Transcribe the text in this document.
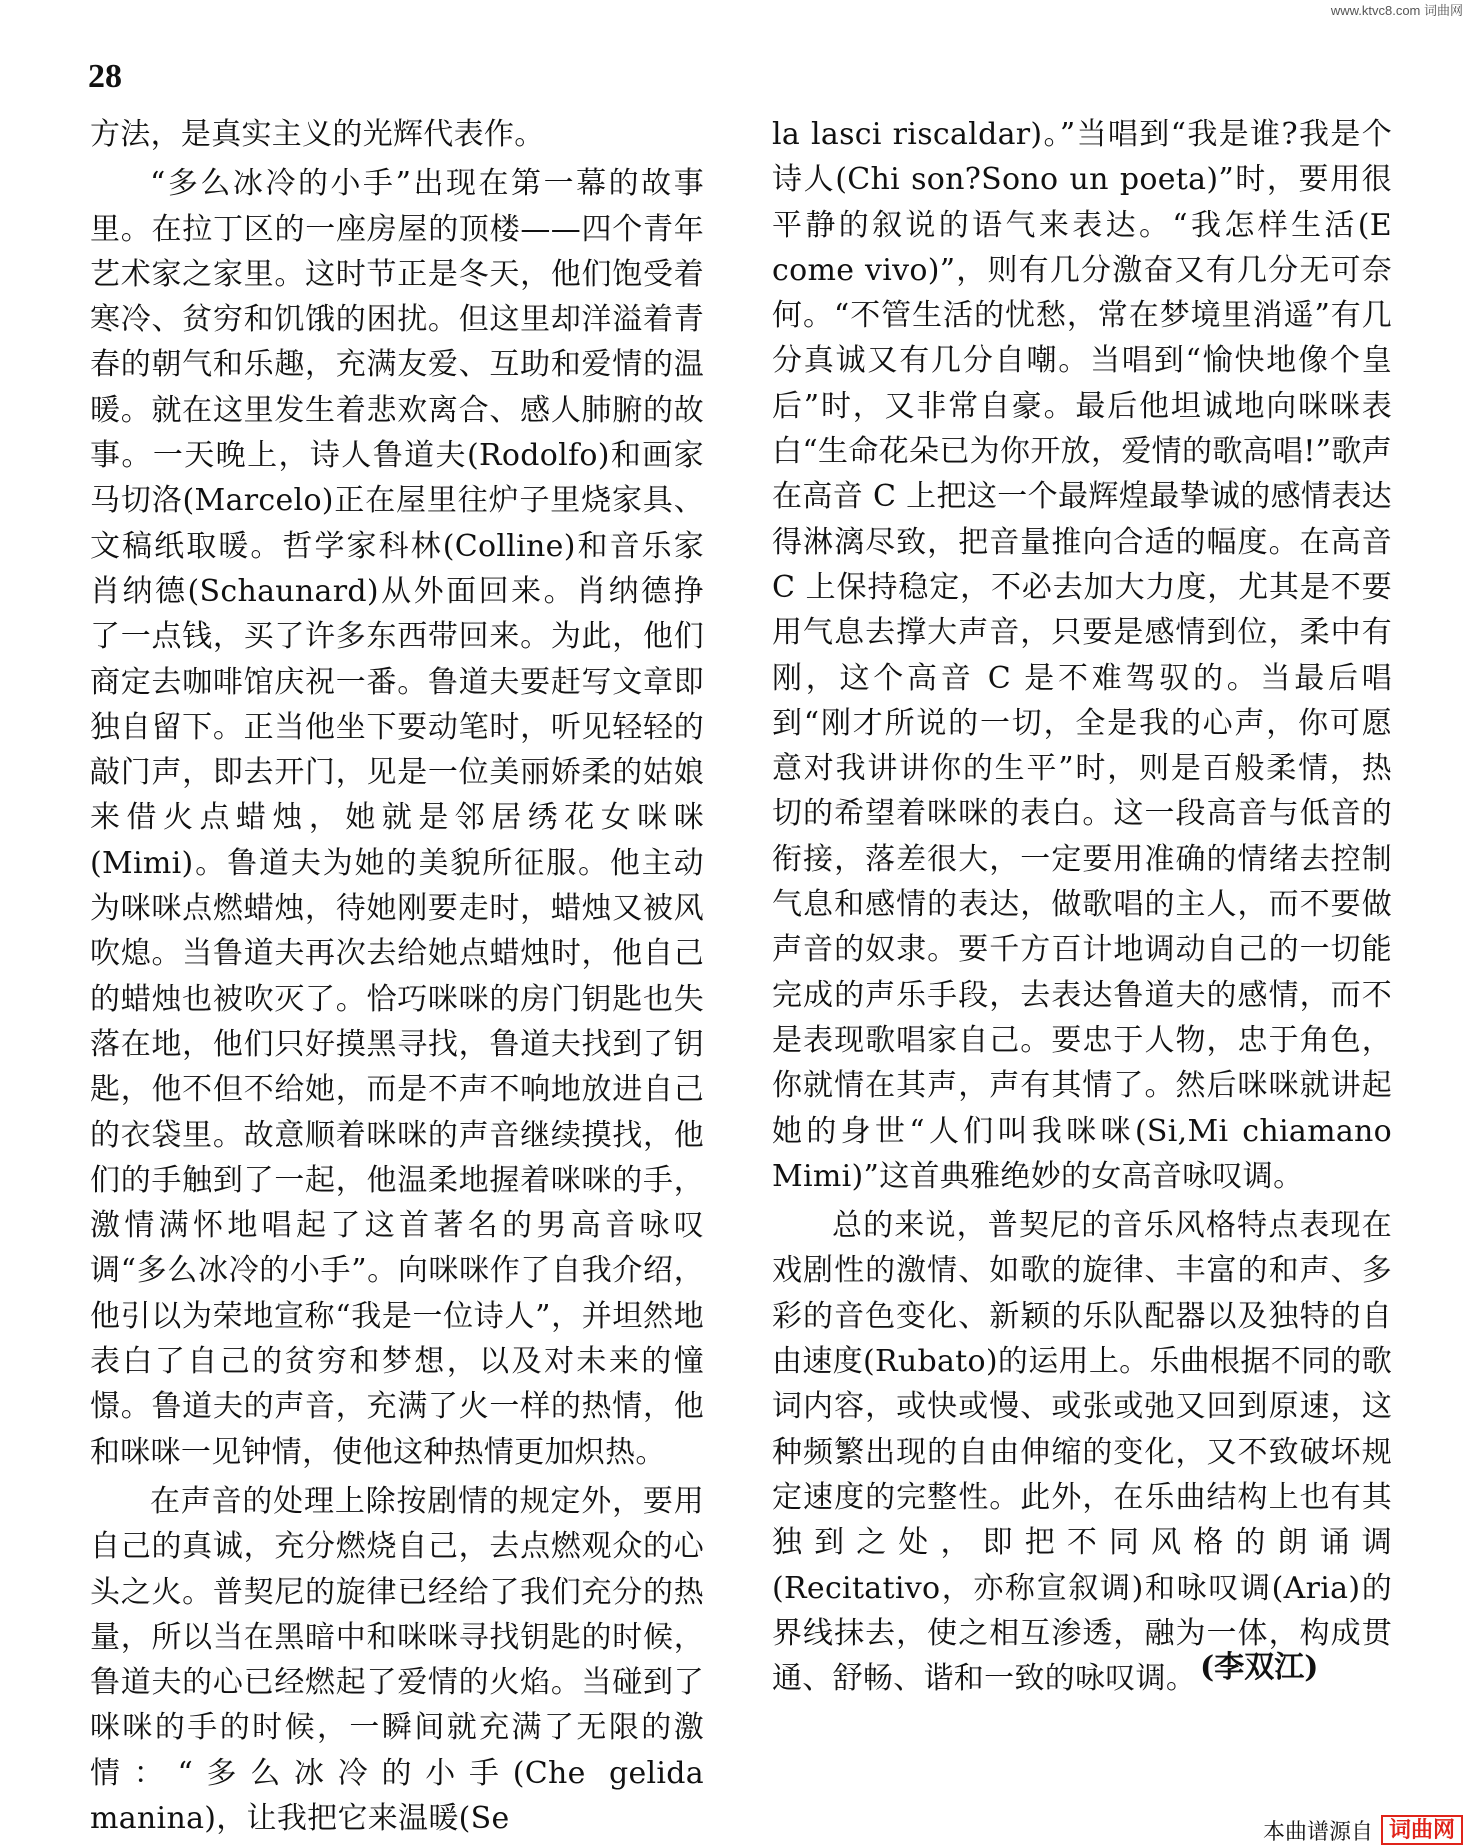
www.ktvc8.com 词曲网
28

方法，是真实主义的光辉代表作。

“多么冰冷的小手”出现在第一幕的故事里。在拉丁区的一座房屋的顶楼——四个青年艺术家之家里。这时节正是冬天，他们饱受着寒冷、贫穷和饥饿的困扰。但这里却洋溢着青春的朝气和乐趣，充满友爱、互助和爱情的温暖。就在这里发生着悲欢离合、感人肺腑的故事。一天晚上，诗人鲁道夫(Rodolfo)和画家马切洛(Marcelo)正在屋里往炉子里烧家具、文稿纸取暖。哲学家科林(Colline)和音乐家肖纳德(Schaunard)从外面回来。肖纳德挣了一点钱，买了许多东西带回来。为此，他们商定去咖啡馆庆祝一番。鲁道夫要赶写文章即独自留下。正当他坐下要动笔时，听见轻轻的敲门声，即去开门，见是一位美丽娇柔的姑娘来借火点蜡烛，她就是邻居绣花女咪咪(Mimi)。鲁道夫为她的美貌所征服。他主动为咪咪点燃蜡烛，待她刚要走时，蜡烛又被风吹熄。当鲁道夫再次去给她点蜡烛时，他自己的蜡烛也被吹灭了。恰巧咪咪的房门钥匙也失落在地，他们只好摸黑寻找，鲁道夫找到了钥匙，他不但不给她，而是不声不响地放进自己的衣袋里。故意顺着咪咪的声音继续摸找，他们的手触到了一起，他温柔地握着咪咪的手，激情满怀地唱起了这首著名的男高音咏叹调“多么冰冷的小手”。向咪咪作了自我介绍，他引以为荣地宣称“我是一位诗人”，并坦然地表白了自己的贫穷和梦想，以及对未来的憧憬。鲁道夫的声音，充满了火一样的热情，他和咪咪一见钟情，使他这种热情更加炽热。

在声音的处理上除按剧情的规定外，要用自己的真诚，充分燃烧自己，去点燃观众的心头之火。普契尼的旋律已经给了我们充分的热量，所以当在黑暗中和咪咪寻找钥匙的时候，鲁道夫的心已经燃起了爱情的火焰。当碰到了咪咪的手的时候，一瞬间就充满了无限的激情：“多么冰冷的小手(Che gelida manina)，让我把它来温暖(Se

la lasci riscaldar)。”当唱到“我是谁?我是个诗人(Chi son?Sono un poeta)”时，要用很平静的叙说的语气来表达。“我怎样生活(E come vivo)”，则有几分激奋又有几分无可奈何。“不管生活的忧愁，常在梦境里消遥”有几分真诚又有几分自嘲。当唱到“愉快地像个皇后”时，又非常自豪。最后他坦诚地向咪咪表白“生命花朵已为你开放，爱情的歌高唱!”歌声在高音 C 上把这一个最辉煌最挚诚的感情表达得淋漓尽致，把音量推向合适的幅度。在高音 C 上保持稳定，不必去加大力度，尤其是不要用气息去撑大声音，只要是感情到位，柔中有刚，这个高音 C 是不难驾驭的。当最后唱到“刚才所说的一切，全是我的心声，你可愿意对我讲讲你的生平”时，则是百般柔情，热切的希望着咪咪的表白。这一段高音与低音的衔接，落差很大，一定要用准确的情绪去控制气息和感情的表达，做歌唱的主人，而不要做声音的奴隶。要千方百计地调动自己的一切能完成的声乐手段，去表达鲁道夫的感情，而不是表现歌唱家自己。要忠于人物，忠于角色，你就情在其声，声有其情了。然后咪咪就讲起她的身世“人们叫我咪咪(Si,Mi chiamano Mimi)”这首典雅绝妙的女高音咏叹调。

总的来说，普契尼的音乐风格特点表现在戏剧性的激情、如歌的旋律、丰富的和声、多彩的音色变化、新颖的乐队配器以及独特的自由速度(Rubato)的运用上。乐曲根据不同的歌词内容，或快或慢、或张或弛又回到原速，这种频繁出现的自由伸缩的变化，又不致破坏规定速度的完整性。此外，在乐曲结构上也有其独到之处，即把不同风格的朗诵调(Recitativo，亦称宣叙调)和咏叹调(Aria)的界线抹去，使之相互渗透，融为一体，构成贯通、舒畅、谐和一致的咏叹调。 (李双江)
本曲谱源自 词曲网
